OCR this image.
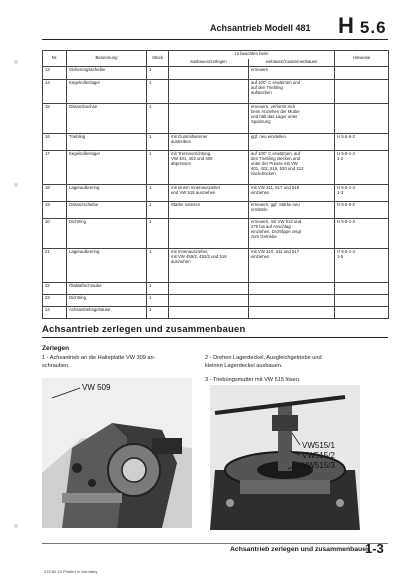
Achsantrieb Modell 481 H 5.6
Nr.	Benennung	Stück	zu beachten beim		Hinweise
			ausbauen/zerlegen	einbauen/zusammenbauen	
13	Sicherungsscheibe	1		erneuern	
14	Kegelrollenlager	1		auf 100° C erwärmen und
auf den Triebling
aufstecken	
15	Distanzbuchse	1		erneuern, verformt sich
beim Anziehen der Mutter
und hält das Lager unter
Spannung	
16	Triebling	1	mit Gummihammer
austreiben	ggf. neu einstellen	H 5.6-5-2
17	Kegelrollenlager	1	mit Trennvorrichtung,
VW 401, 402 und 409
abpressen	auf 100° C erwärmen, auf
den Triebling stecken und
unter der Presse mit VW
401, 402, 516, 520 und 412
nachdrücken	H 5.6-1-4
1-2
18	Lageraußenring	1	mit einem Innenauszieher
und VW 518 ausziehen	mit VW 311, 517 und 518
einziehen	H 5.6-1-4
1-3
19	Distanzscheibe	1	Stärke notieren	erneuern, ggf. Stärke neu
ermitteln	H 5.6-5-2
20	Dichtring	1		erneuern, mit VW 512 und
275 bis auf Anschlag
einziehen, Dichtlippe zeigt
zum Getriebe	H 5.6-1-3
21	Lageraußenring	1	mit Innenauszieher,
mit VW 459/2, 452/2 und 518
ausziehen	mit VW 310, 311 und 517
einziehen	H 5.6-1-4
1-5
22	Ölablaßschraube	1			
23	Dichtring	1			
24	Achsantriebsgehäuse	1			
Achsantrieb zerlegen und zusammenbauen
Zerlegen
1 - Achsantrieb an die Halteplatte VW 309 an-
schrauben.
2 - Drehen Lagerdeckel, Ausgleichgetriebe und
kleinen Lagerdeckel ausbauen.
3 - Triebüngsmutter mit VW 515 lösen.
VW 509
VW515/1
VW515/2
VW515/3
Achsantrieb zerlegen und zusammenbauen
1-3
215.60.15 Printed in Germany
